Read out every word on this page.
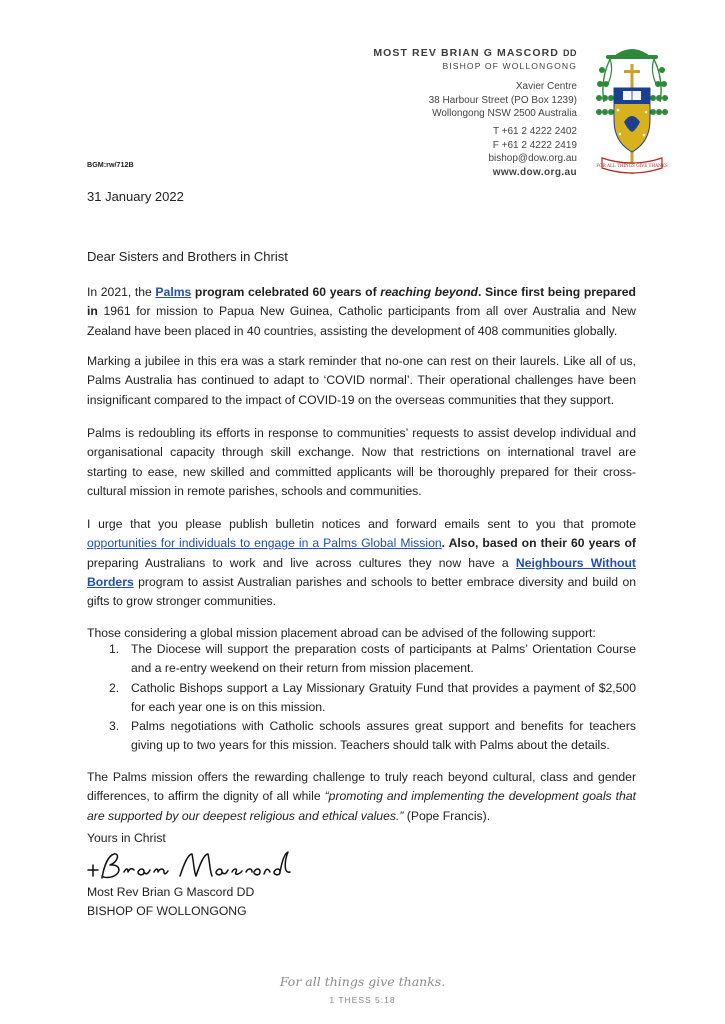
MOST REV BRIAN G MASCORD DD
BISHOP OF WOLLONGONG
Xavier Centre
38 Harbour Street (PO Box 1239)
Wollongong NSW 2500 Australia
T +61 2 4222 2402
F +61 2 4222 2419
bishop@dow.org.au
www.dow.org.au
FOR ALL THINGS GIVE THANKS
BGM:rw/712B
31 January 2022
Dear Sisters and Brothers in Christ
In 2021, the Palms program celebrated 60 years of reaching beyond. Since first being prepared in 1961 for mission to Papua New Guinea, Catholic participants from all over Australia and New Zealand have been placed in 40 countries, assisting the development of 408 communities globally.
Marking a jubilee in this era was a stark reminder that no-one can rest on their laurels. Like all of us, Palms Australia has continued to adapt to ‘COVID normal’. Their operational challenges have been insignificant compared to the impact of COVID-19 on the overseas communities that they support.
Palms is redoubling its efforts in response to communities’ requests to assist develop individual and organisational capacity through skill exchange. Now that restrictions on international travel are starting to ease, new skilled and committed applicants will be thoroughly prepared for their cross-cultural mission in remote parishes, schools and communities.
I urge that you please publish bulletin notices and forward emails sent to you that promote opportunities for individuals to engage in a Palms Global Mission. Also, based on their 60 years of preparing Australians to work and live across cultures they now have a Neighbours Without Borders program to assist Australian parishes and schools to better embrace diversity and build on gifts to grow stronger communities.
Those considering a global mission placement abroad can be advised of the following support:
1. The Diocese will support the preparation costs of participants at Palms’ Orientation Course and a re-entry weekend on their return from mission placement.
2. Catholic Bishops support a Lay Missionary Gratuity Fund that provides a payment of $2,500 for each year one is on this mission.
3. Palms negotiations with Catholic schools assures great support and benefits for teachers giving up to two years for this mission. Teachers should talk with Palms about the details.
The Palms mission offers the rewarding challenge to truly reach beyond cultural, class and gender differences, to affirm the dignity of all while “promoting and implementing the development goals that are supported by our deepest religious and ethical values.” (Pope Francis).
Yours in Christ
Most Rev Brian G Mascord DD
BISHOP OF WOLLONGONG
For all things give thanks.
1 THESS 5:18
